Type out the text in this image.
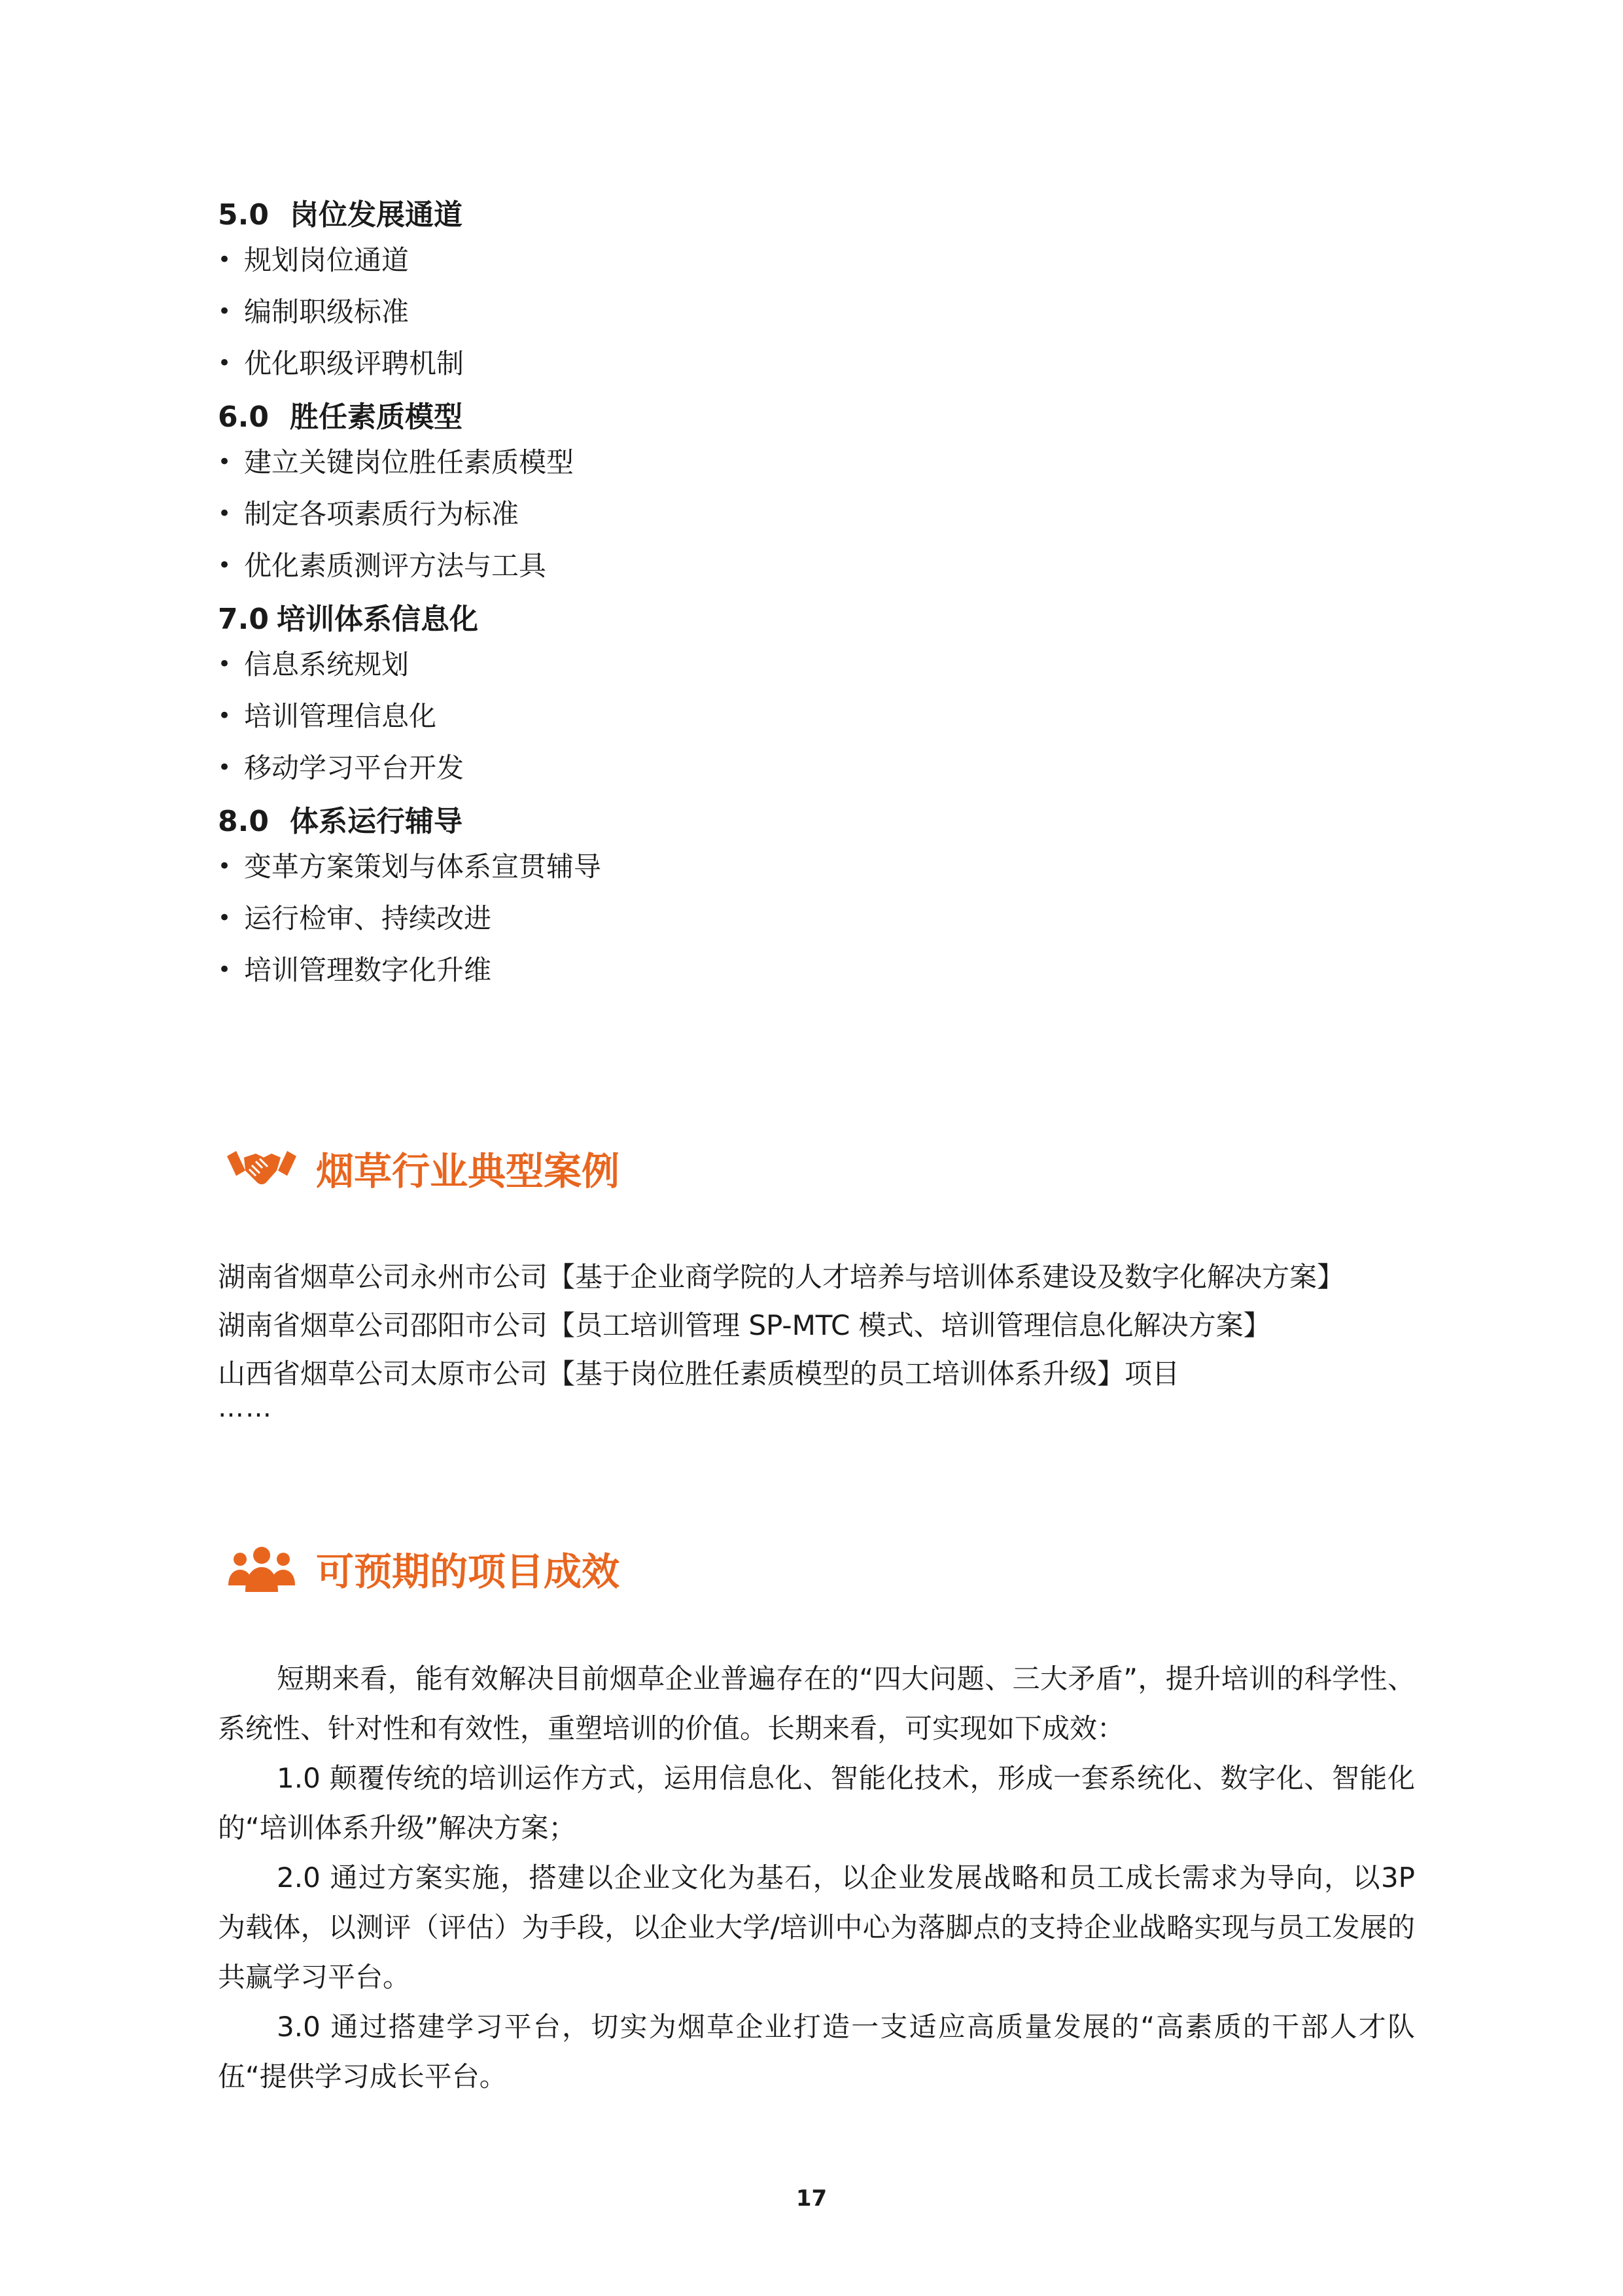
5.0 岗位发展通道
• 规划岗位通道
• 编制职级标准
• 优化职级评聘机制
6.0 胜任素质模型
• 建立关键岗位胜任素质模型
• 制定各项素质行为标准
• 优化素质测评方法与工具
7.0 培训体系信息化
• 信息系统规划
• 培训管理信息化
• 移动学习平台开发
8.0 体系运行辅导
• 变革方案策划与体系宣贯辅导
• 运行检审、持续改进
• 培训管理数字化升维
烟草行业典型案例
湖南省烟草公司永州市公司【基于企业商学院的人才培养与培训体系建设及数字化解决方案】
湖南省烟草公司邵阳市公司【员工培训管理 SP-MTC 模式、培训管理信息化解决方案】
山西省烟草公司太原市公司【基于岗位胜任素质模型的员工培训体系升级】项目
……
可预期的项目成效

短期来看，能有效解决目前烟草企业普遍存在的“四大问题、三大矛盾”，提升培训的科学性、系统性、针对性和有效性，重塑培训的价值。长期来看，可实现如下成效：

1.0 颠覆传统的培训运作方式，运用信息化、智能化技术，形成一套系统化、数字化、智能化的“培训体系升级”解决方案；

2.0 通过方案实施，搭建以企业文化为基石，以企业发展战略和员工成长需求为导向，以3P 为载体，以测评（评估）为手段，以企业大学/培训中心为落脚点的支持企业战略实现与员工发展的共赢学习平台。

3.0 通过搭建学习平台，切实为烟草企业打造一支适应高质量发展的“高素质的干部人才队伍“提供学习成长平台。

17
